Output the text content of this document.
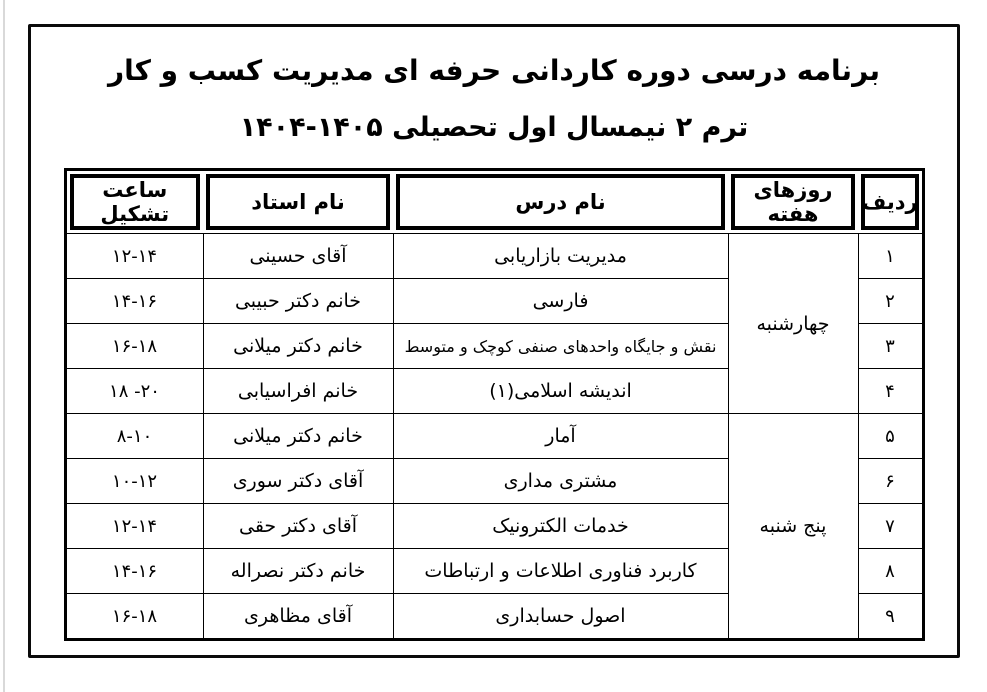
برنامه درسی دوره کاردانی حرفه ای مدیریت کسب و کار
ترم ۲ نیمسال اول تحصیلی ۱۴۰۵-۱۴۰۴
ردیف	روزهای هفته	نام درس	نام استاد	ساعت تشکیل

۱	چهارشنبه	مدیریت بازاریابی	آقای حسینی	۱۲-۱۴
۲		فارسی	خانم دکتر حبیبی	۱۴-۱۶
۳		نقش و جایگاه واحدهای صنفی کوچک و متوسط	خانم دکتر میلانی	۱۶-۱۸
۴		اندیشه اسلامی(۱)	خانم افراسیابی	۱۸ -۲۰
۵	پنج شنبه	آمار	خانم دکتر میلانی	۸-۱۰
۶		مشتری مداری	آقای دکتر سوری	۱۰-۱۲
۷		خدمات الکترونیک	آقای دکتر حقی	۱۲-۱۴
۸		کاربرد فناوری اطلاعات و ارتباطات	خانم دکتر نصراله	۱۴-۱۶
۹		اصول حسابداری	آقای مظاهری	۱۶-۱۸
